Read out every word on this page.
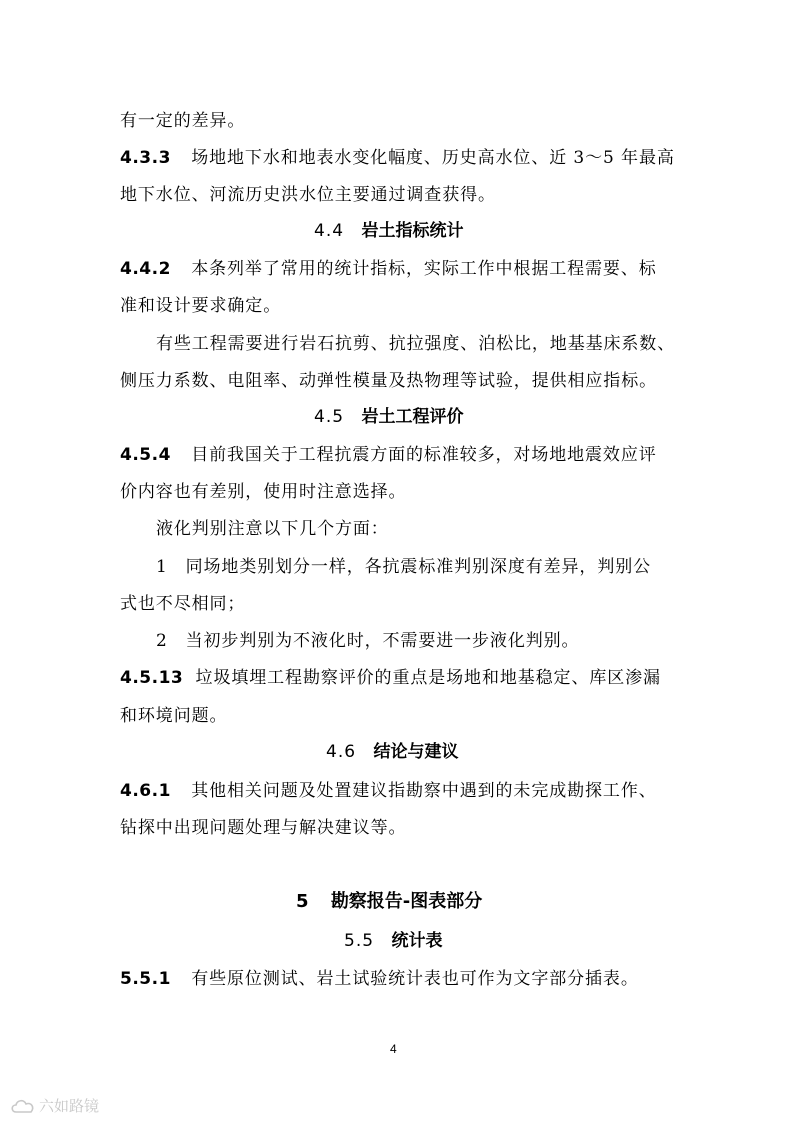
有一定的差异。
4.3.3 场地地下水和地表水变化幅度、历史高水位、近 3～5 年最高
地下水位、河流历史洪水位主要通过调查获得。
4.4 岩土指标统计
4.4.2 本条列举了常用的统计指标，实际工作中根据工程需要、标
准和设计要求确定。
有些工程需要进行岩石抗剪、抗拉强度、泊松比，地基基床系数、
侧压力系数、电阻率、动弹性模量及热物理等试验，提供相应指标。
4.5 岩土工程评价
4.5.4 目前我国关于工程抗震方面的标准较多，对场地地震效应评
价内容也有差别，使用时注意选择。
液化判别注意以下几个方面：
1　同场地类别划分一样，各抗震标准判别深度有差异，判别公
式也不尽相同；
2　当初步判别为不液化时，不需要进一步液化判别。
4.5.13 垃圾填埋工程勘察评价的重点是场地和地基稳定、库区渗漏
和环境问题。
4.6 结论与建议
4.6.1 其他相关问题及处置建议指勘察中遇到的未完成勘探工作、
钻探中出现问题处理与解决建议等。
5 勘察报告-图表部分
5.5 统计表
5.5.1 有些原位测试、岩土试验统计表也可作为文字部分插表。
4
六如路镜
